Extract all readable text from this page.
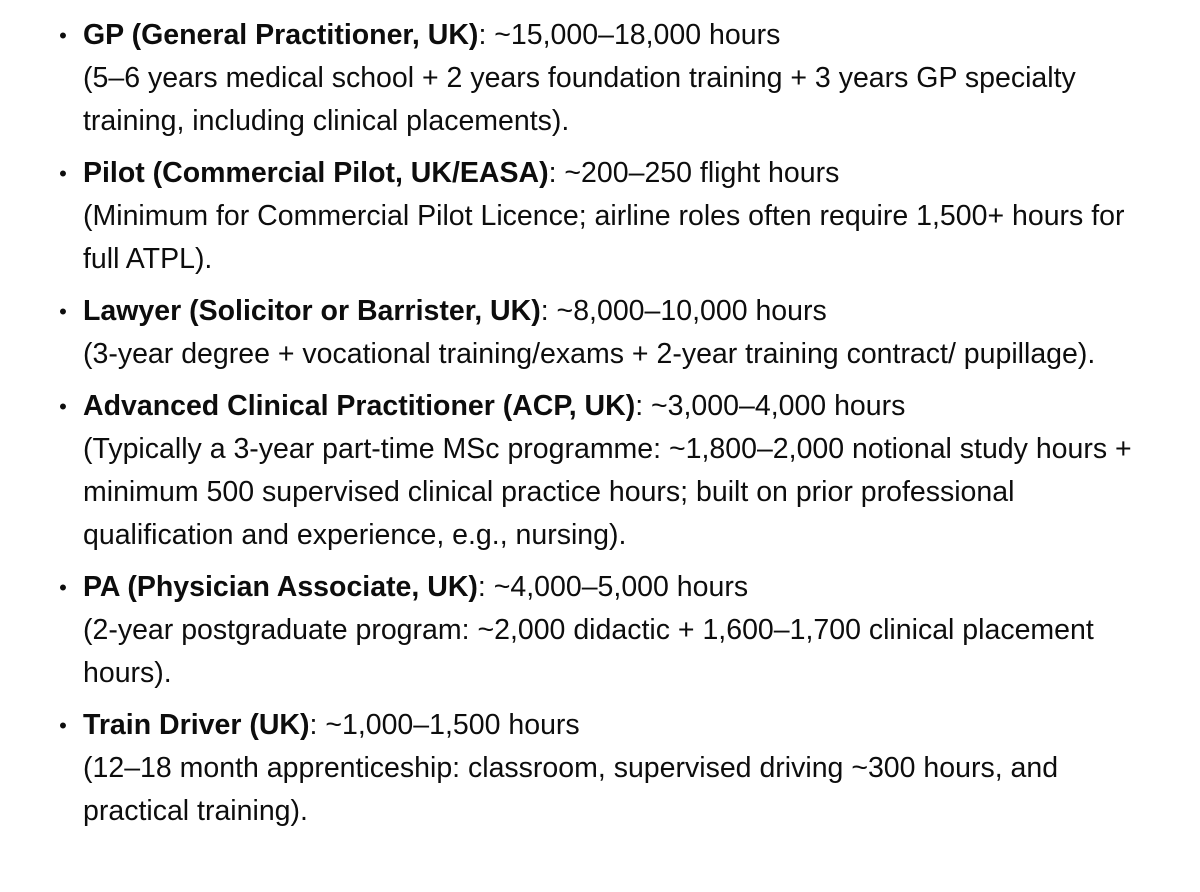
• GP (General Practitioner, UK): ~15,000–18,000 hours
(5–6 years medical school + 2 years foundation training + 3 years GP specialty training, including clinical placements).
• Pilot (Commercial Pilot, UK/EASA): ~200–250 flight hours
(Minimum for Commercial Pilot Licence; airline roles often require 1,500+ hours for full ATPL).
• Lawyer (Solicitor or Barrister, UK): ~8,000–10,000 hours
(3-year degree + vocational training/exams + 2-year training contract/ pupillage).
• Advanced Clinical Practitioner (ACP, UK): ~3,000–4,000 hours
(Typically a 3-year part-time MSc programme: ~1,800–2,000 notional study hours + minimum 500 supervised clinical practice hours; built on prior professional qualification and experience, e.g., nursing).
• PA (Physician Associate, UK): ~4,000–5,000 hours
(2-year postgraduate program: ~2,000 didactic + 1,600–1,700 clinical placement hours).
• Train Driver (UK): ~1,000–1,500 hours
(12–18 month apprenticeship: classroom, supervised driving ~300 hours, and practical training).
